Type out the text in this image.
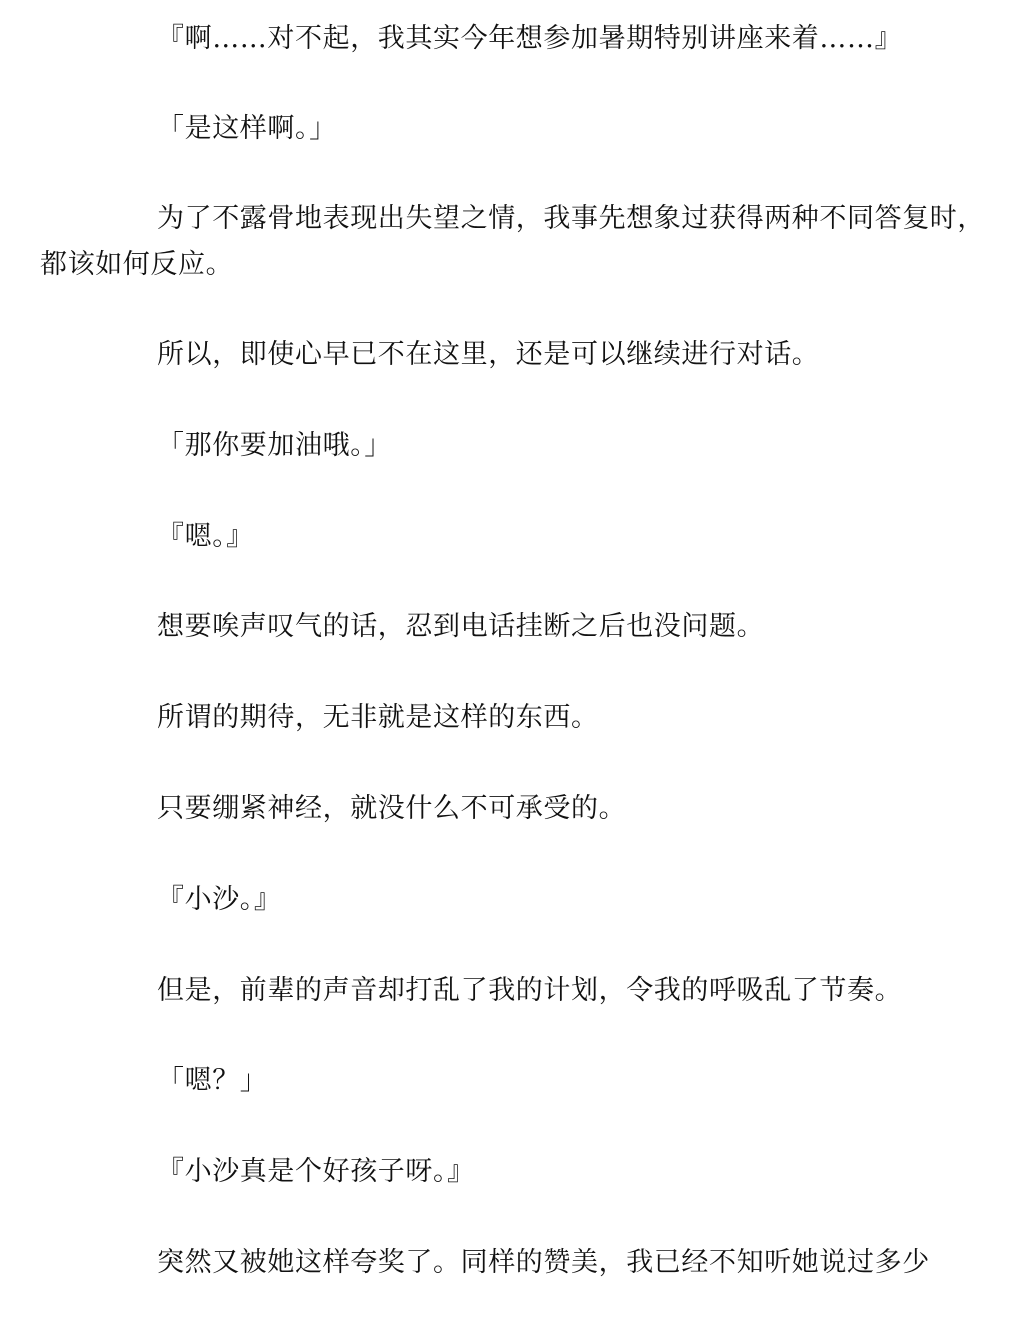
『啊……对不起，我其实今年想参加暑期特别讲座来着……』

「是这样啊。」

为了不露骨地表现出失望之情，我事先想象过获得两种不同答复时，都该如何反应。

所以，即使心早已不在这里，还是可以继续进行对话。

「那你要加油哦。」

『嗯。』

想要唉声叹气的话，忍到电话挂断之后也没问题。

所谓的期待，无非就是这样的东西。

只要绷紧神经，就没什么不可承受的。

『小沙。』

但是，前辈的声音却打乱了我的计划，令我的呼吸乱了节奏。

「嗯？」

『小沙真是个好孩子呀。』

突然又被她这样夸奖了。同样的赞美，我已经不知听她说过多少
